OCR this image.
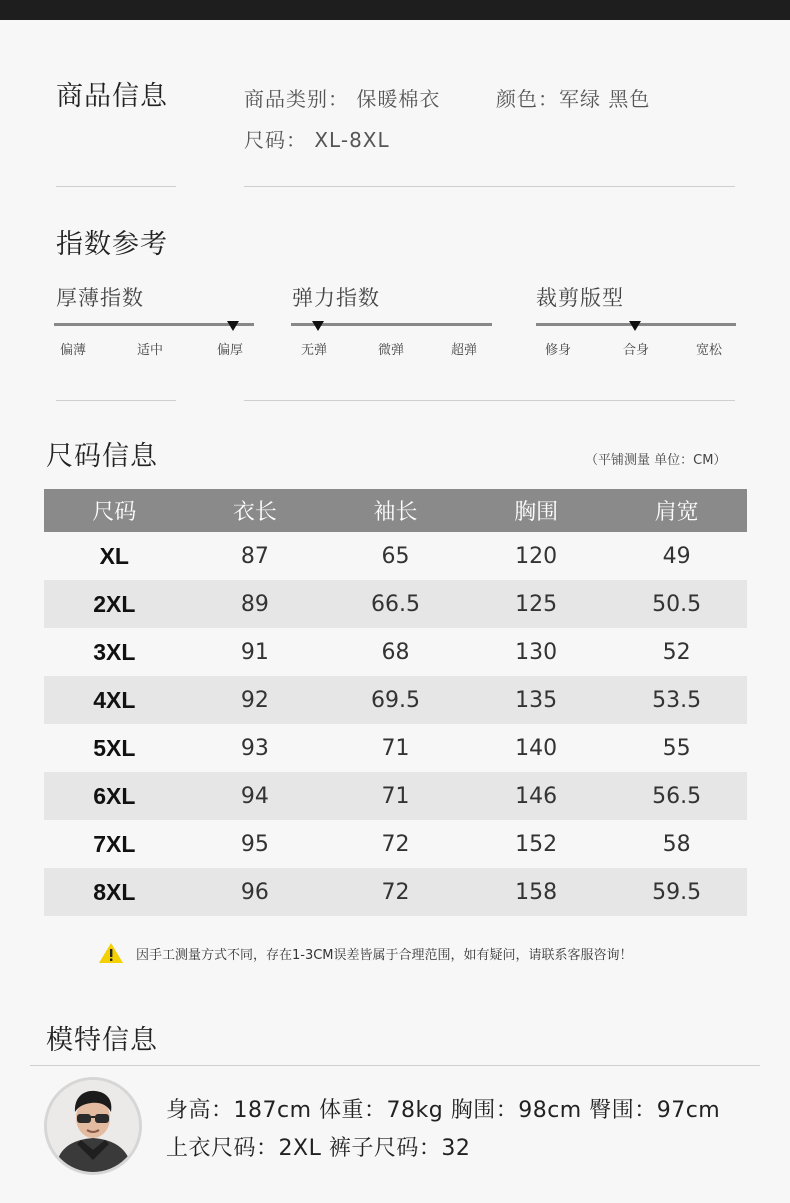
商品信息	商品类别： 保暖棉衣	颜色：军绿 黑色
尺码： XL-8XL
指数参考
厚薄指数
偏薄	适中	偏厚
弹力指数
无弹	微弹	超弹
裁剪版型
修身	合身	宽松
尺码信息	（平铺测量 单位：CM）
尺码	衣长	袖长	胸围	肩宽
XL	87	65	120	49
2XL	89	66.5	125	50.5
3XL	91	68	130	52
4XL	92	69.5	135	53.5
5XL	93	71	140	55
6XL	94	71	146	56.5
7XL	95	72	152	58
8XL	96	72	158	59.5
因手工测量方式不同，存在1-3CM误差皆属于合理范围，如有疑问，请联系客服咨询！
模特信息
身高：187cm 体重：78kg 胸围：98cm 臀围：97cm
上衣尺码：2XL 裤子尺码：32
